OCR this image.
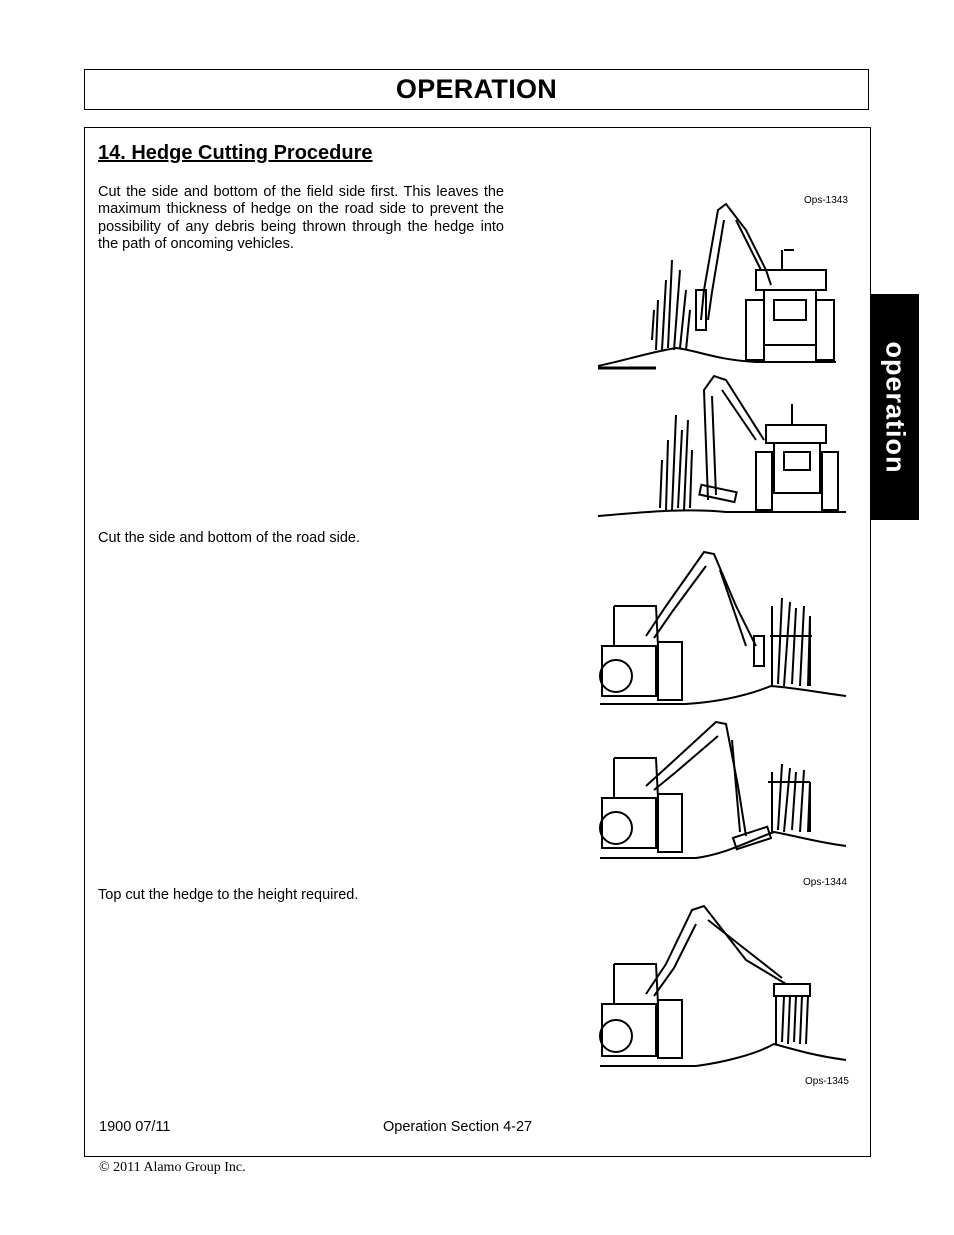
OPERATION
14. Hedge Cutting Procedure

Cut the side and bottom of the field side first. This leaves the maximum thickness of hedge on the road side to prevent the possibility of any debris being thrown through the hedge into the path of oncoming vehicles.

Cut the side and bottom of the road side.

Top cut the hedge to the height required.

operation
Ops-1343
Ops-1344
Ops-1345

1900 07/11	Operation Section 4-27

© 2011 Alamo Group Inc.
